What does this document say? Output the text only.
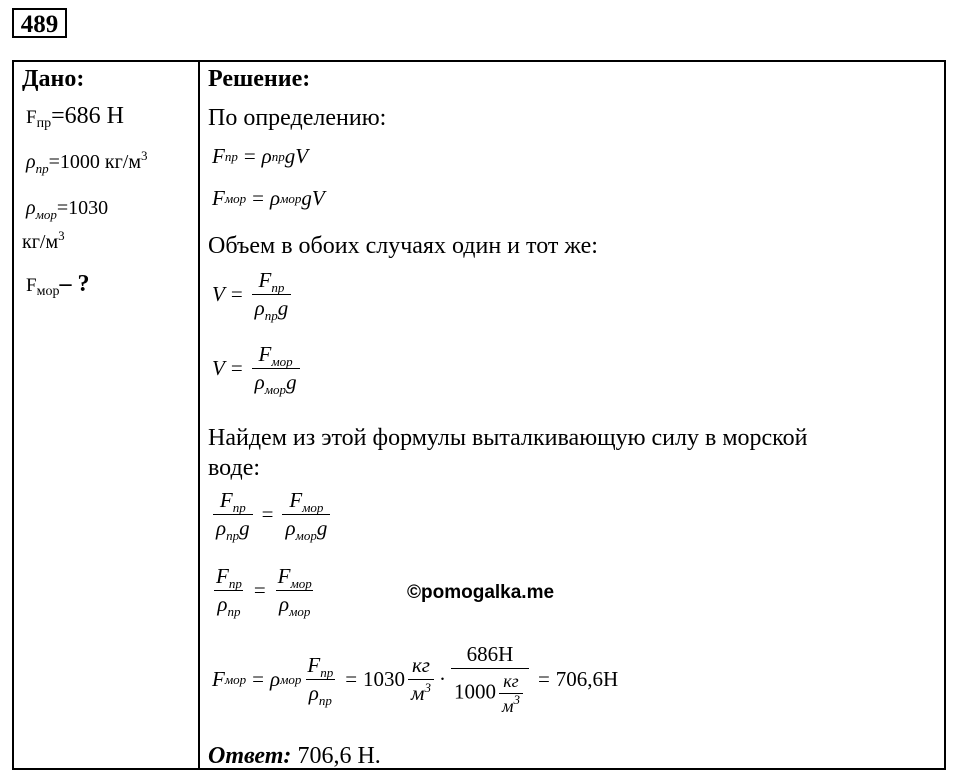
489
Дано:
Fпр=686 Н
$\rho_{пр}=1000$ $кг/м^3$
$\rho_{мор}=1030$
$кг/м^3$
Fмор– ?
Решение:
По определению:
F пр = ρ пр g V
F мор = ρ мор g V
Объем в обоих случаях один и тот же:
$V = \frac{F_{пр}}{\rho_{пр}g}$
$V = \frac{F_{мор}}{\rho_{мор}g}$
Найдем из этой формулы выталкивающую силу в морской
воде:
$\frac{F_{пр}}{\rho_{пр}g} = \frac{F_{мор}}{\rho_{мор}g}$
$\frac{F_{пр}}{\rho_{пр}} = \frac{F_{мор}}{\rho_{мор}}$
F мор = ρ мор $\frac{F_{пр}}{\rho_{пр}} = 1030 \frac{кг}{м^3} \cdot \frac{686Н}{1000 \frac{кг}{м^3}} = 706,6Н$
Ответ: 706,6 Н.
©pomogalka.me
